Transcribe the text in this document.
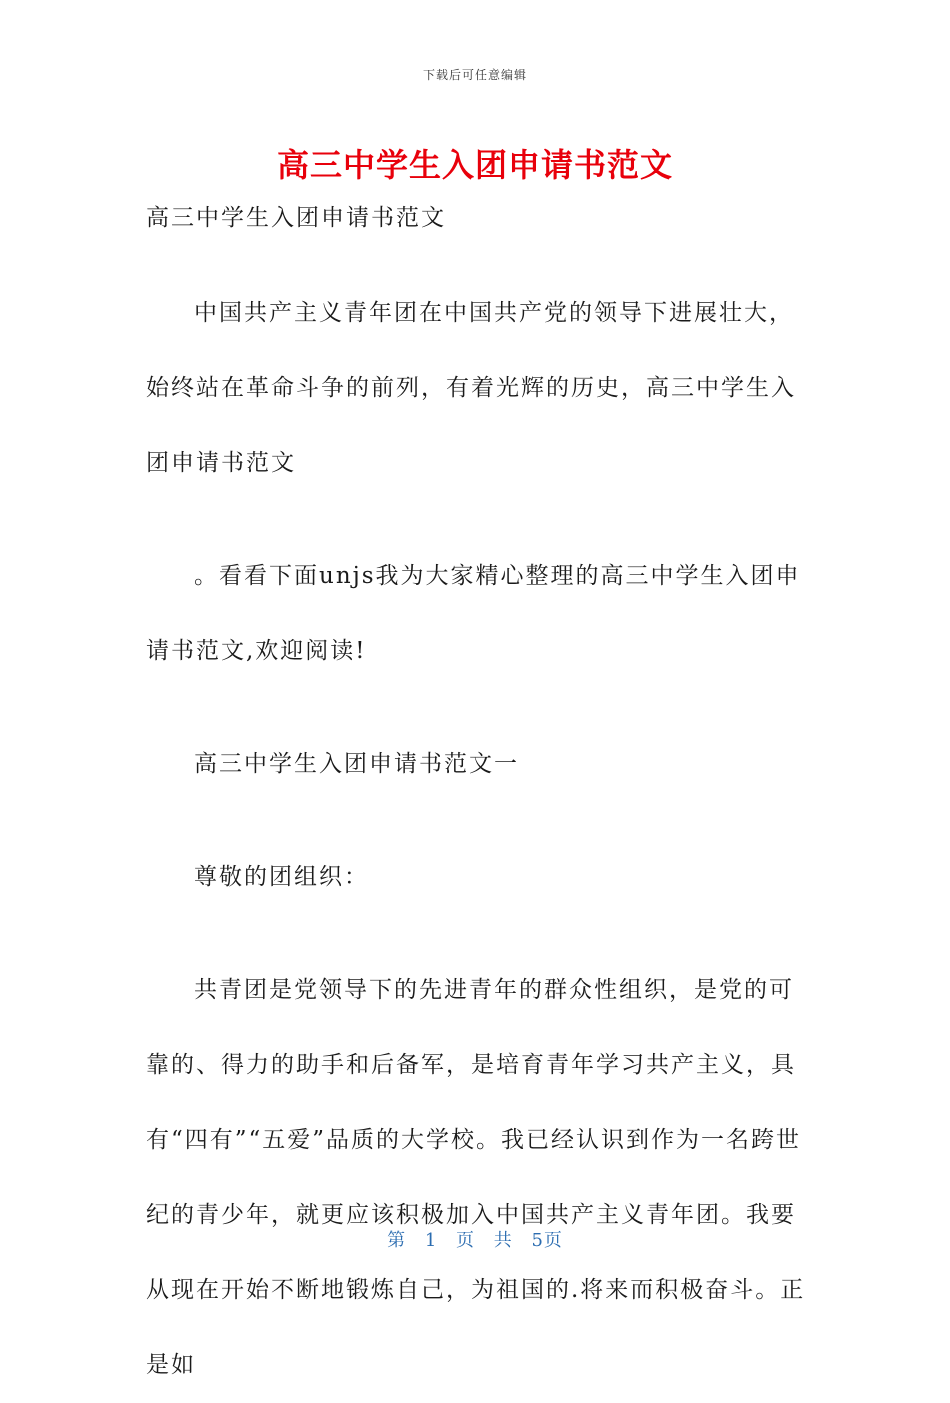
下载后可任意编辑
高三中学生入团申请书范文

高三中学生入团申请书范文

中国共产主义青年团在中国共产党的领导下进展壮大，始终站在革命斗争的前列，有着光辉的历史，高三中学生入团申请书范文

。看看下面unjs我为大家精心整理的高三中学生入团申请书范文,欢迎阅读!

高三中学生入团申请书范文一

尊敬的团组织：

共青团是党领导下的先进青年的群众性组织，是党的可靠的、得力的助手和后备军，是培育青年学习共产主义，具有“四有”“五爱”品质的大学校。我已经认识到作为一名跨世纪的青少年，就更应该积极加入中国共产主义青年团。我要从现在开始不断地锻炼自己，为祖国的.将来而积极奋斗。正是如

第 1 页 共 5页
